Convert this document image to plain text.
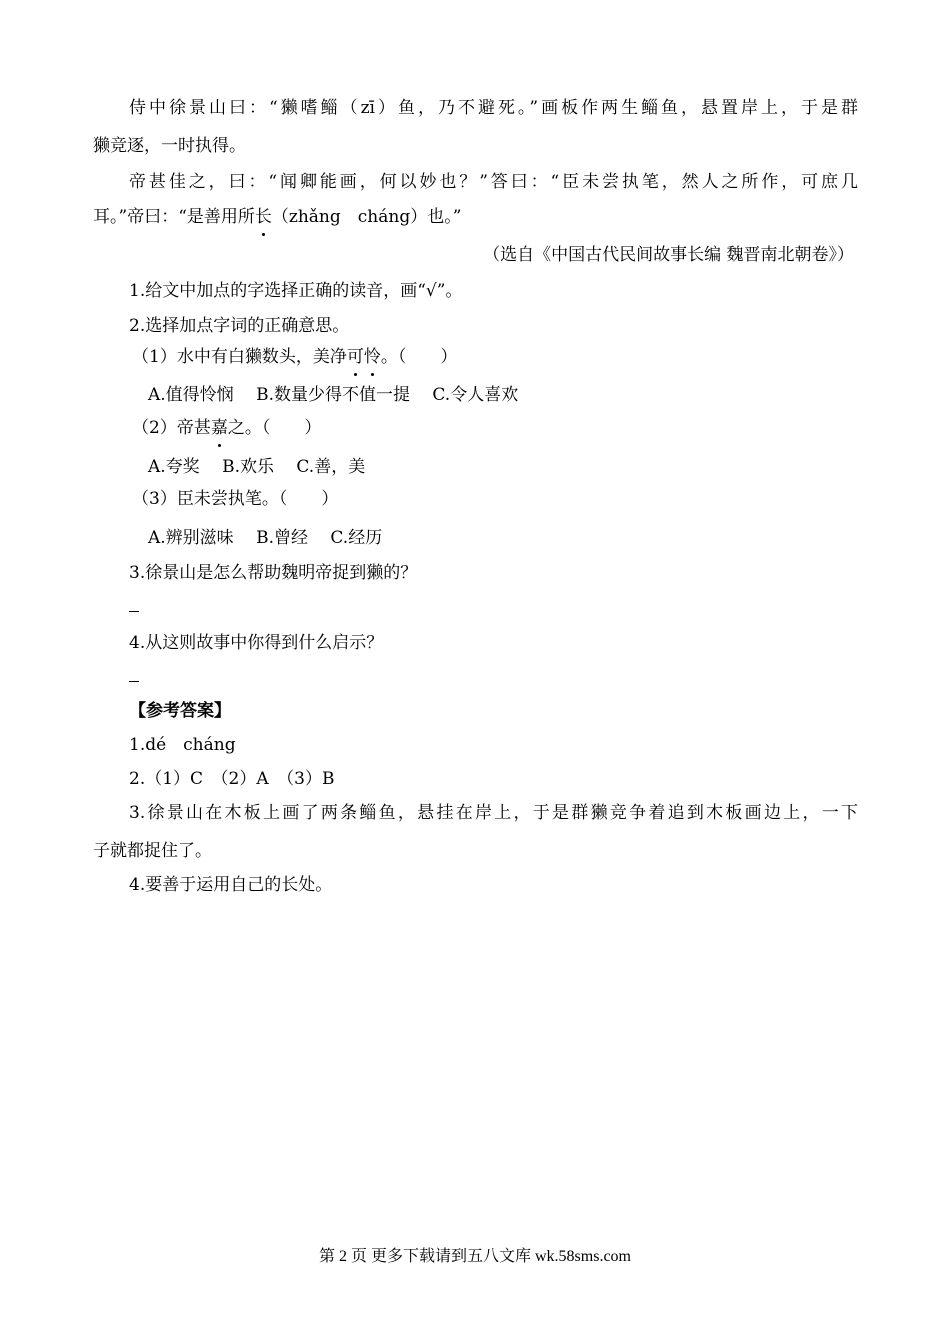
侍中徐景山曰：“獭嗜鲻（zī）鱼，乃不避死。”画板作两生鲻鱼，悬置岸上，于是群
獭竞逐，一时执得。
帝甚佳之，曰：“闻卿能画，何以妙也？”答曰：“臣未尝执笔，然人之所作，可庶几
耳。”帝曰：“是善用所长（zhǎng　cháng）也。”
（选自《中国古代民间故事长编 魏晋南北朝卷》）
1.给文中加点的字选择正确的读音，画“√”。
2.选择加点字词的正确意思。
（1）水中有白獭数头，美净可怜。（　　）
A.值得怜悯　 B.数量少得不值一提　 C.令人喜欢
（2）帝甚嘉之。（　　）
A.夸奖　 B.欢乐　 C.善，美
（3）臣未尝执笔。（　　）
A.辨别滋味　 B.曾经　 C.经历
3.徐景山是怎么帮助魏明帝捉到獭的？
4.从这则故事中你得到什么启示？
【参考答案】
1.dé　cháng
2.（1）C　（2）A　（3）B
3.徐景山在木板上画了两条鲻鱼，悬挂在岸上，于是群獭竞争着追到木板画边上，一下
子就都捉住了。
4.要善于运用自己的长处。
第 2 页 更多下载请到五八文库 wk.58sms.com
